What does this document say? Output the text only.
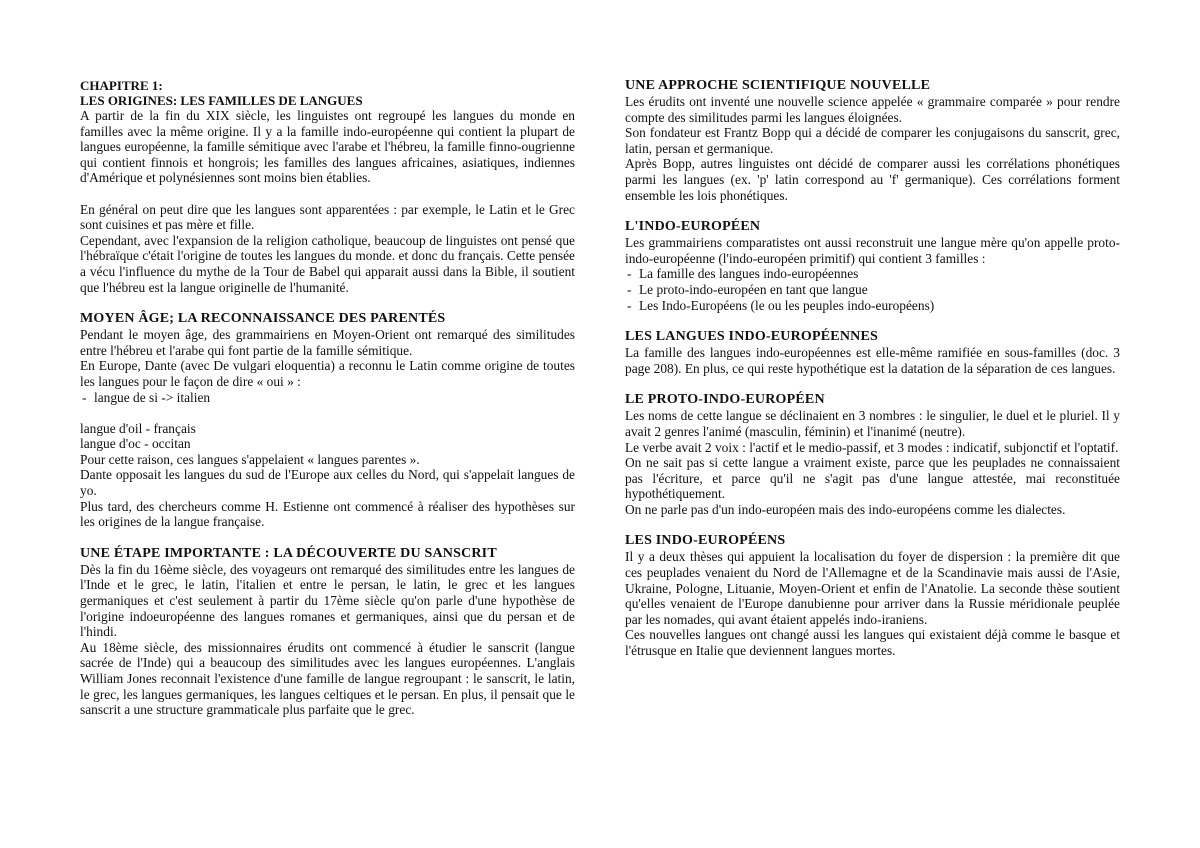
CHAPITRE 1:
LES ORIGINES: LES FAMILLES DE LANGUES

A partir de la fin du XIX siècle, les linguistes ont regroupé les langues du monde en familles avec la même origine. Il y a la famille indo-européenne qui contient la plupart de langues européenne, la famille sémitique avec l'arabe et l'hébreu, la famille finno-ougrienne qui contient finnois et hongrois; les familles des langues africaines, asiatiques, indiennes d'Amérique et polynésiennes sont moins bien établies.

En général on peut dire que les langues sont apparentées : par exemple, le Latin et le Grec sont cuisines et pas mère et fille.

Cependant, avec l'expansion de la religion catholique, beaucoup de linguistes ont pensé que l'hébraïque c'était l'origine de toutes les langues du monde. et donc du français. Cette pensée a vécu l'influence du mythe de la Tour de Babel qui apparait aussi dans la Bible, il soutient que l'hébreu est la langue originelle de l'humanité.

MOYEN ÂGE; LA RECONNAISSANCE DES PARENTÉS

Pendant le moyen âge, des grammairiens en Moyen-Orient ont remarqué des similitudes entre l'hébreu et l'arabe qui font partie de la famille sémitique.

En Europe, Dante (avec De vulgari eloquentia) a reconnu le Latin comme origine de toutes les langues pour le façon de dire « oui » :

- langue de si -> italien

langue d'oil - français

langue d'oc - occitan

Pour cette raison, ces langues s'appelaient « langues parentes ».

Dante opposait les langues du sud de l'Europe aux celles du Nord, qui s'appelait langues de yo.

Plus tard, des chercheurs comme H. Estienne ont commencé à réaliser des hypothèses sur les origines de la langue française.

UNE ÉTAPE IMPORTANTE : LA DÉCOUVERTE DU SANSCRIT

Dès la fin du 16ème siècle, des voyageurs ont remarqué des similitudes entre les langues de l'Inde et le grec, le latin, l'italien et entre le persan, le latin, le grec et les langues germaniques et c'est seulement à partir du 17ème siècle qu'on parle d'une hypothèse de l'origine indoeuropéenne des langues romanes et germaniques, ainsi que du persan et de l'hindi.

Au 18ème siècle, des missionnaires érudits ont commencé à étudier le sanscrit (langue sacrée de l'Inde) qui a beaucoup des similitudes avec les langues européennes. L'anglais William Jones reconnait l'existence d'une famille de langue regroupant : le sanscrit, le latin, le grec, les langues germaniques, les langues celtiques et le persan. En plus, il pensait que le sanscrit a une structure grammaticale plus parfaite que le grec.

UNE APPROCHE SCIENTIFIQUE NOUVELLE

Les érudits ont inventé une nouvelle science appelée « grammaire comparée » pour rendre compte des similitudes parmi les langues éloignées.

Son fondateur est Frantz Bopp qui a décidé de comparer les conjugaisons du sanscrit, grec, latin, persan et germanique.

Après Bopp, autres linguistes ont décidé de comparer aussi les corrélations phonétiques parmi les langues (ex. 'p' latin correspond au 'f' germanique). Ces corrélations forment ensemble les lois phonétiques.

L'INDO-EUROPÉEN

Les grammairiens comparatistes ont aussi reconstruit une langue mère qu'on appelle proto-indo-européenne (l'indo-européen primitif) qui contient 3 familles :

- La famille des langues indo-européennes
- Le proto-indo-européen en tant que langue
- Les Indo-Européens (le ou les peuples indo-européens)
LES LANGUES INDO-EUROPÉENNES

La famille des langues indo-européennes est elle-même ramifiée en sous-familles (doc. 3 page 208). En plus, ce qui reste hypothétique est la datation de la séparation de ces langues.

LE PROTO-INDO-EUROPÉEN

Les noms de cette langue se déclinaient en 3 nombres : le singulier, le duel et le pluriel. Il y avait 2 genres l'animé (masculin, féminin) et l'inanimé (neutre).

Le verbe avait 2 voix : l'actif et le medio-passif, et 3 modes : indicatif, subjonctif et l'optatif.

On ne sait pas si cette langue a vraiment existe, parce que les peuplades ne connaissaient pas l'écriture, et parce qu'il ne s'agit pas d'une langue attestée, mai reconstituée hypothétiquement.

On ne parle pas d'un indo-européen mais des indo-européens comme les dialectes.

LES INDO-EUROPÉENS

Il y a deux thèses qui appuient la localisation du foyer de dispersion : la première dit que ces peuplades venaient du Nord de l'Allemagne et de la Scandinavie mais aussi de l'Asie, Ukraine, Pologne, Lituanie, Moyen-Orient et enfin de l'Anatolie. La seconde thèse soutient qu'elles venaient de l'Europe danubienne pour arriver dans la Russie méridionale peuplée par les nomades, qui avant étaient appelés indo-iraniens.

Ces nouvelles langues ont changé aussi les langues qui existaient déjà comme le basque et l'étrusque en Italie que deviennent langues mortes.
